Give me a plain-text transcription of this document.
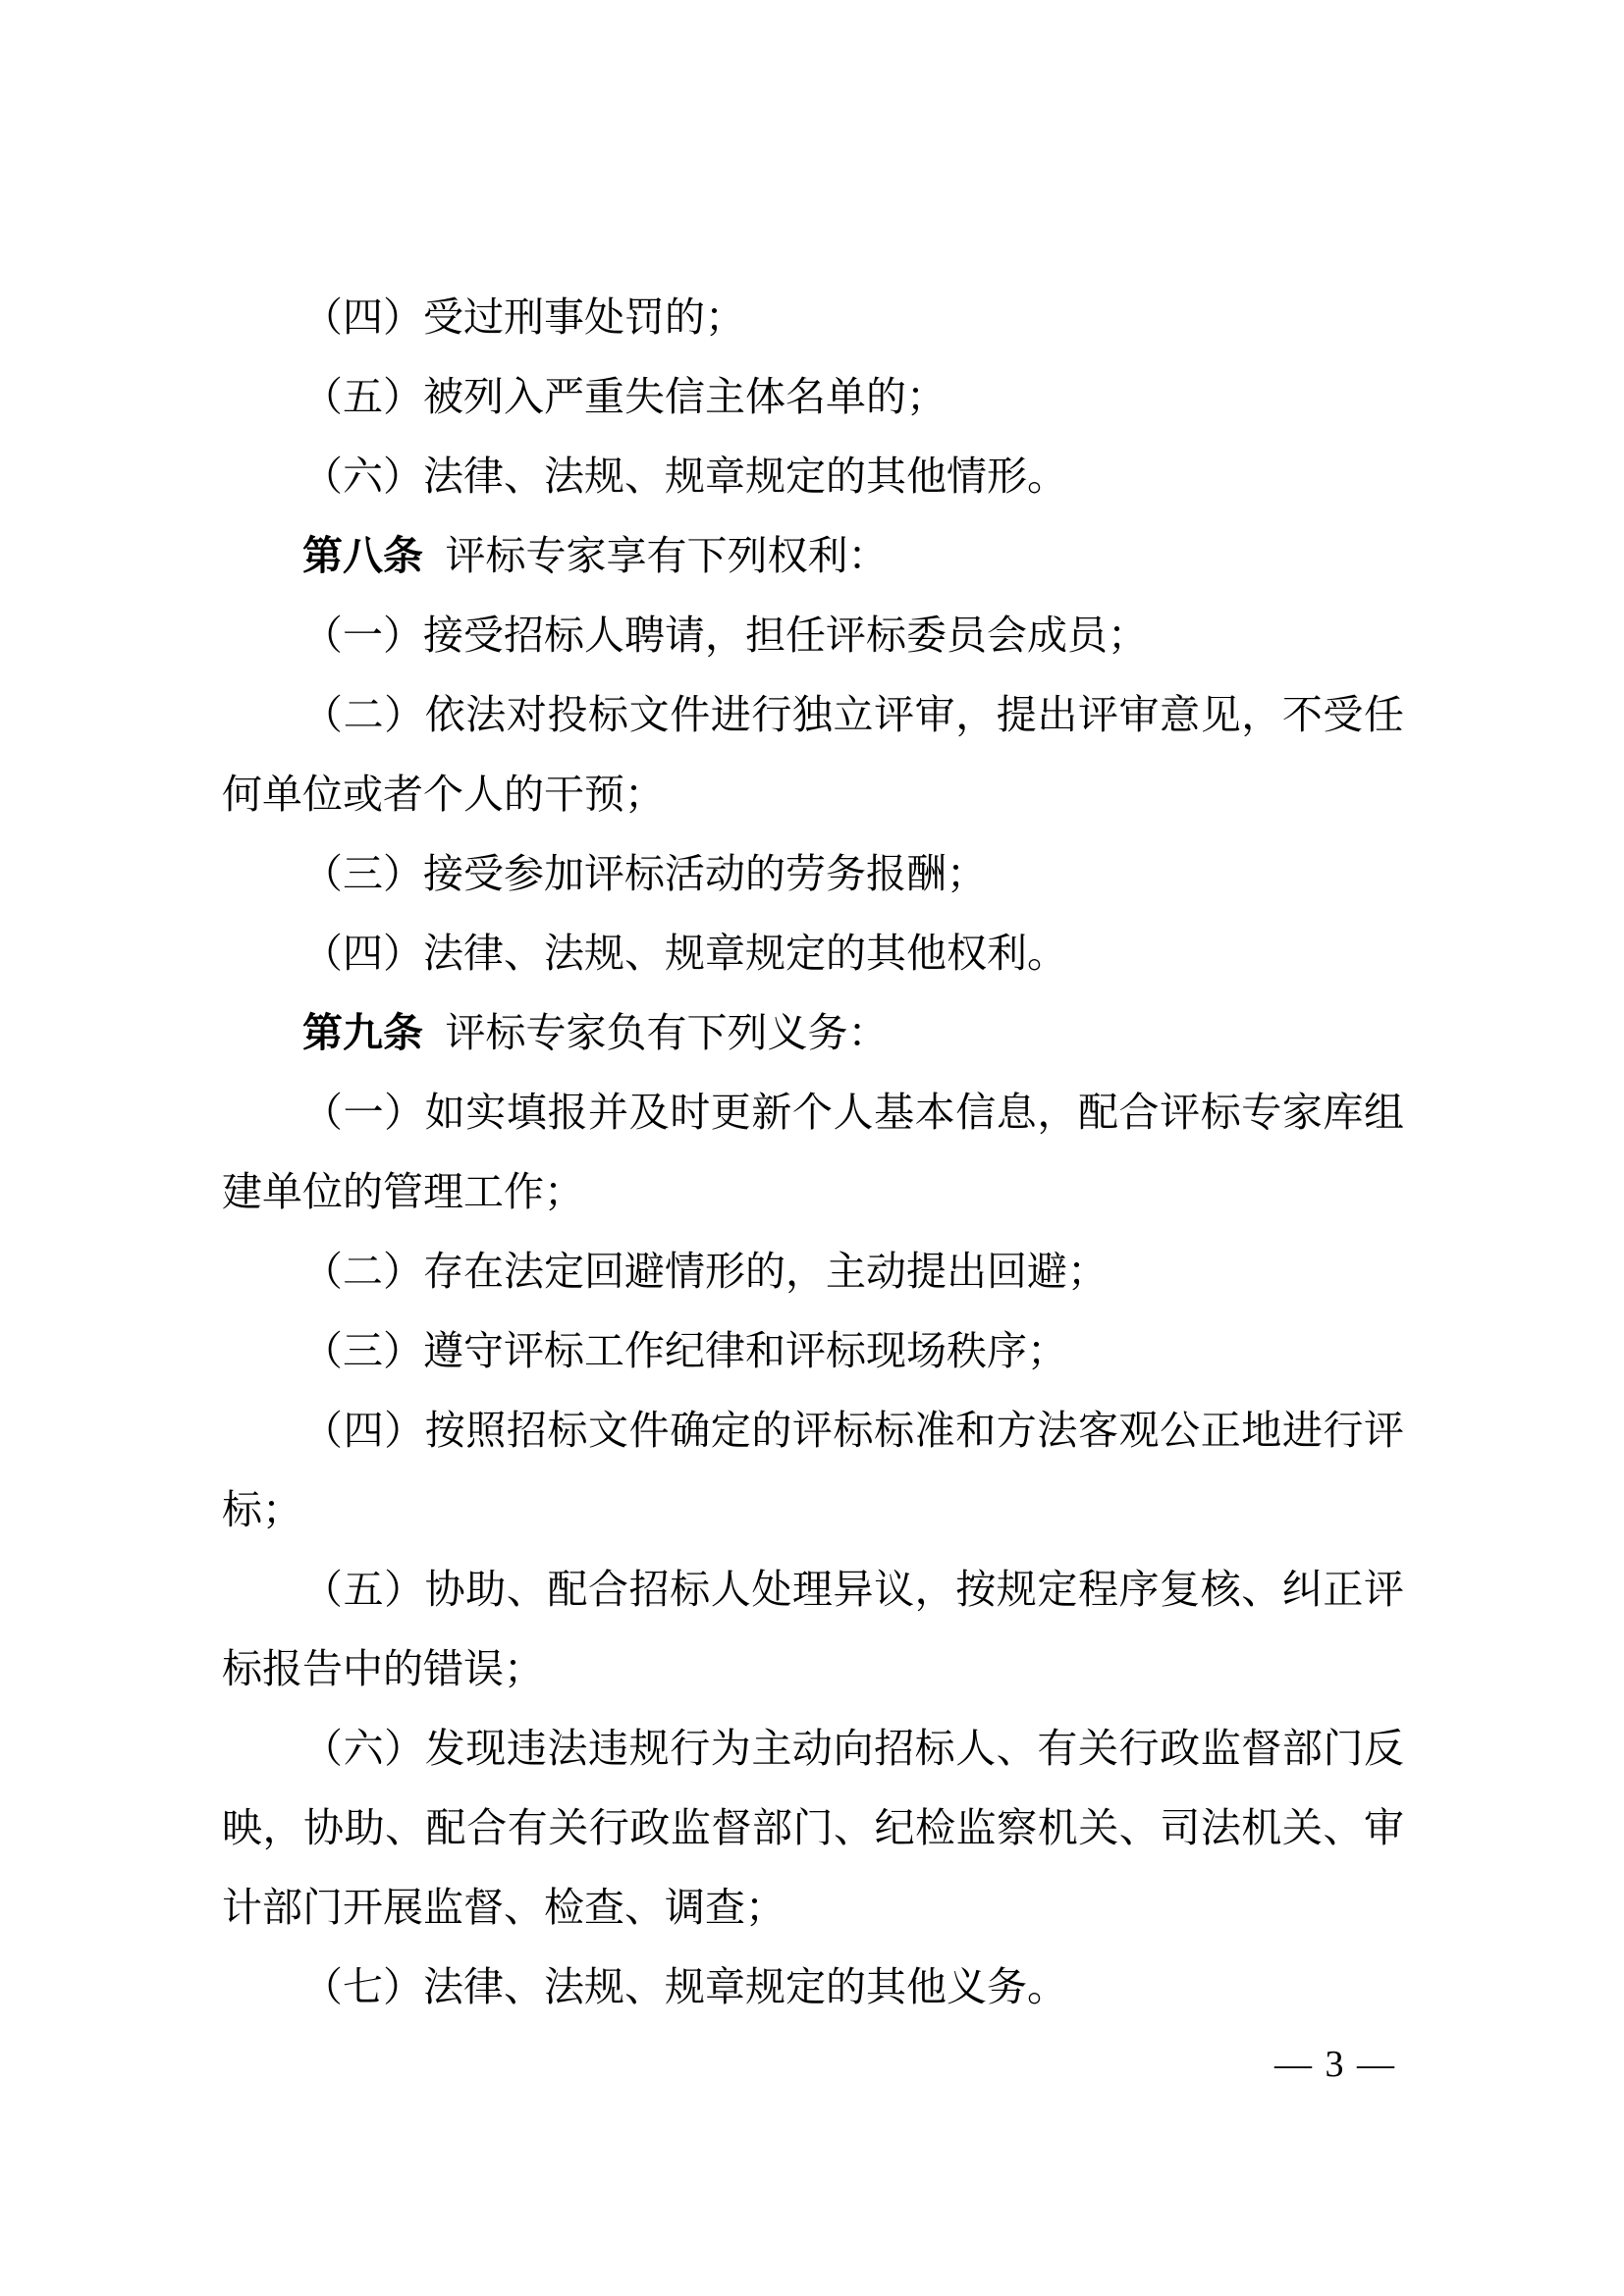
（四）受过刑事处罚的；

（五）被列入严重失信主体名单的；

（六）法律、法规、规章规定的其他情形。

第八条 评标专家享有下列权利：

（一）接受招标人聘请，担任评标委员会成员；

（二）依法对投标文件进行独立评审，提出评审意见，不受任何单位或者个人的干预；

（三）接受参加评标活动的劳务报酬；

（四）法律、法规、规章规定的其他权利。

第九条 评标专家负有下列义务：

（一）如实填报并及时更新个人基本信息，配合评标专家库组建单位的管理工作；

（二）存在法定回避情形的，主动提出回避；

（三）遵守评标工作纪律和评标现场秩序；

（四）按照招标文件确定的评标标准和方法客观公正地进行评标；

（五）协助、配合招标人处理异议，按规定程序复核、纠正评标报告中的错误；

（六）发现违法违规行为主动向招标人、有关行政监督部门反映，协助、配合有关行政监督部门、纪检监察机关、司法机关、审计部门开展监督、检查、调查；

（七）法律、法规、规章规定的其他义务。

— 3 —
